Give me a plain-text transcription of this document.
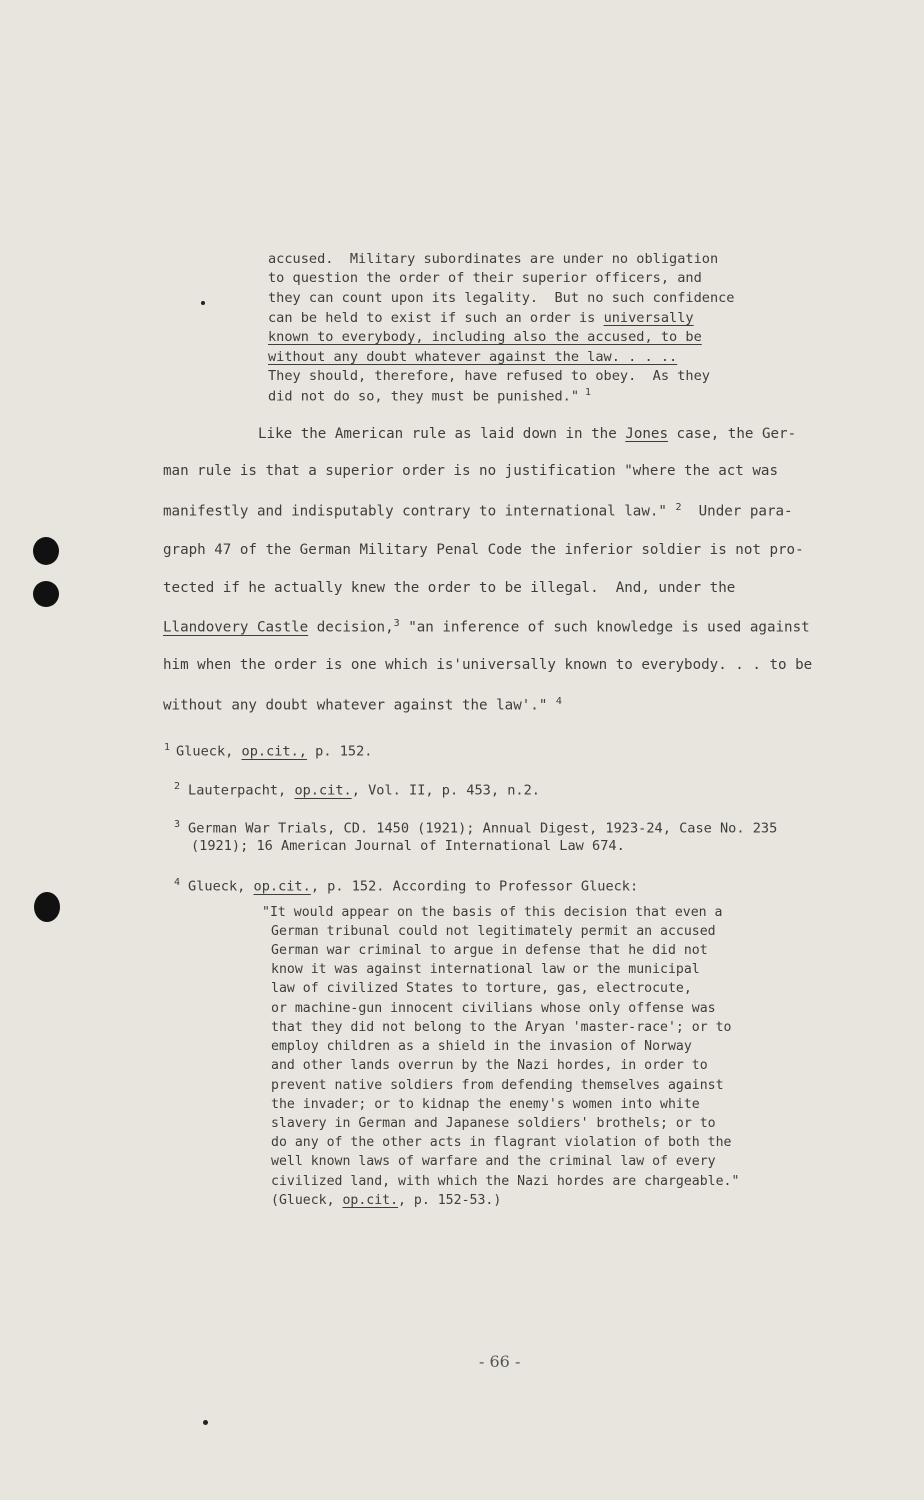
accused.  Military subordinates are under no obligation
to question the order of their superior officers, and
they can count upon its legality.  But no such confidence
can be held to exist if such an order is universally
known to everybody, including also the accused, to be
without any doubt whatever against the law. . . ..
They should, therefore, have refused to obey.  As they
did not do so, they must be punished." $^1$
Like the American rule as laid down in the Jones case, the Ger-
man rule is that a superior order is no justification "where the act was
manifestly and indisputably contrary to international law." $^2$  Under para-
graph 47 of the German Military Penal Code the inferior soldier is not pro-
tected if he actually knew the order to be illegal.  And, under the
Llandovery Castle decision,$^3$ "an inference of such knowledge is used against
him when the order is one which is'universally known to everybody. . . to be
without any doubt whatever against the law'." $^4$
$^1$ Glueck, op.cit., p. 152.
$^2$ Lauterpacht, op.cit., Vol. II, p. 453, n.2.
$^3$ German War Trials, CD. 1450 (1921); Annual Digest, 1923-24, Case No. 235
(1921); 16 American Journal of International Law 674.
$^4$ Glueck, op.cit., p. 152. According to Professor Glueck:
"It would appear on the basis of this decision that even a
German tribunal could not legitimately permit an accused
German war criminal to argue in defense that he did not
know it was against international law or the municipal
law of civilized States to torture, gas, electrocute,
or machine-gun innocent civilians whose only offense was
that they did not belong to the Aryan 'master-race'; or to
employ children as a shield in the invasion of Norway
and other lands overrun by the Nazi hordes, in order to
prevent native soldiers from defending themselves against
the invader; or to kidnap the enemy's women into white
slavery in German and Japanese soldiers' brothels; or to
do any of the other acts in flagrant violation of both the
well known laws of warfare and the criminal law of every
civilized land, with which the Nazi hordes are chargeable."
(Glueck, op.cit., p. 152-53.)
- 66 -
